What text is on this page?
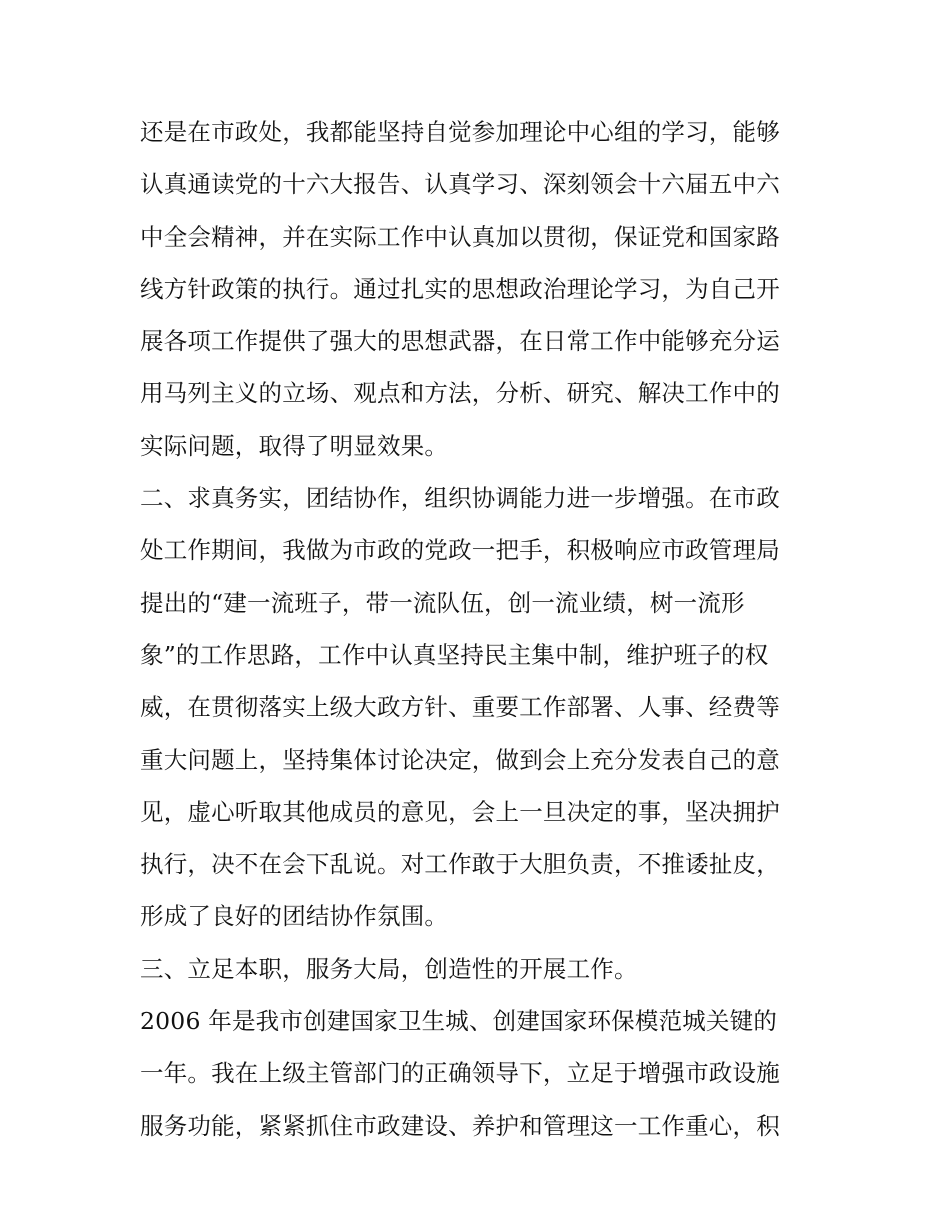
还是在市政处，我都能坚持自觉参加理论中心组的学习，能够
认真通读党的十六大报告、认真学习、深刻领会十六届五中六
中全会精神，并在实际工作中认真加以贯彻，保证党和国家路
线方针政策的执行。通过扎实的思想政治理论学习，为自己开
展各项工作提供了强大的思想武器，在日常工作中能够充分运
用马列主义的立场、观点和方法，分析、研究、解决工作中的
实际问题，取得了明显效果。
二、求真务实，团结协作，组织协调能力进一步增强。在市政
处工作期间，我做为市政的党政一把手，积极响应市政管理局
提出的“建一流班子，带一流队伍，创一流业绩，树一流形
象”的工作思路，工作中认真坚持民主集中制，维护班子的权
威，在贯彻落实上级大政方针、重要工作部署、人事、经费等
重大问题上，坚持集体讨论决定，做到会上充分发表自己的意
见，虚心听取其他成员的意见，会上一旦决定的事，坚决拥护
执行，决不在会下乱说。对工作敢于大胆负责，不推诿扯皮，
形成了良好的团结协作氛围。
三、立足本职，服务大局，创造性的开展工作。
2006 年是我市创建国家卫生城、创建国家环保模范城关键的
一年。我在上级主管部门的正确领导下，立足于增强市政设施
服务功能，紧紧抓住市政建设、养护和管理这一工作重心，积
